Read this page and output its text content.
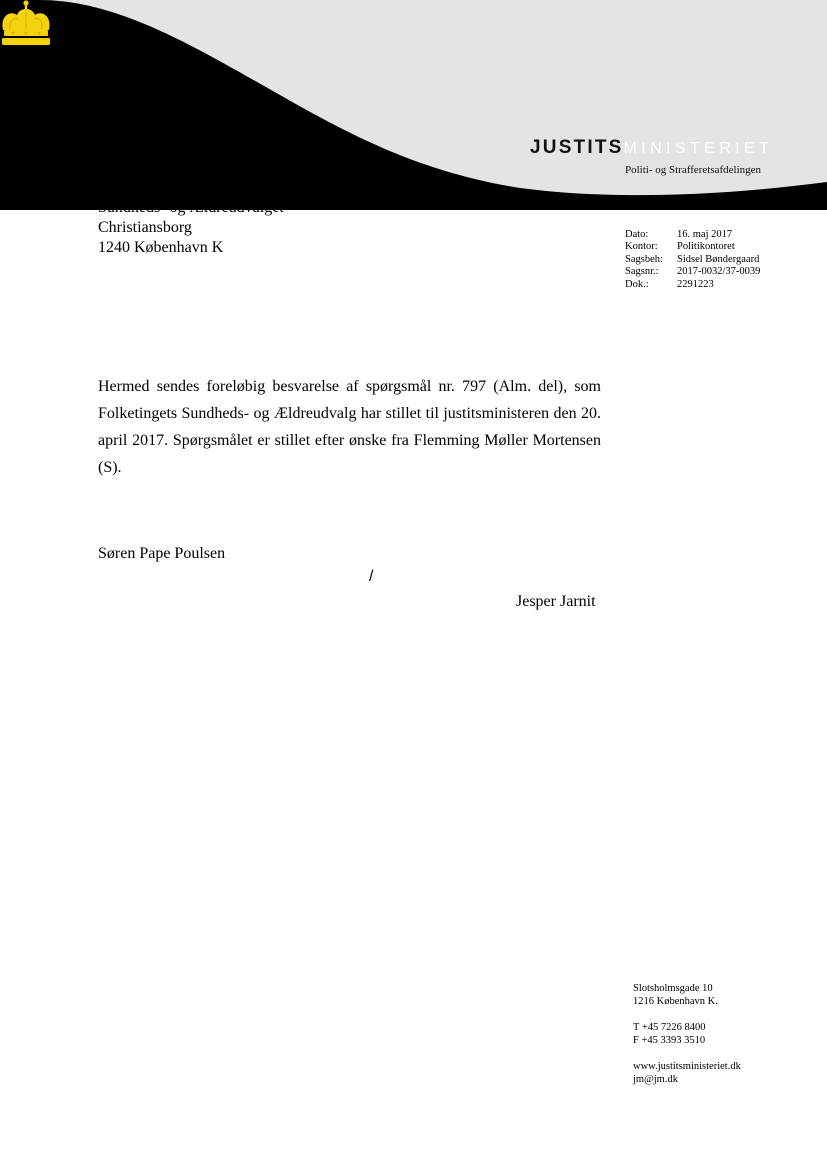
JUSTITSMINISTERIET
Politi- og Strafferetsafdelingen
Sundheds- og Ældreudvalget
Christiansborg
1240 København K
Dato:	16. maj 2017
Kontor:	Politikontoret
Sagsbeh:	Sidsel Bøndergaard
Sagsnr.:	2017-0032/37-0039
Dok.:	2291223

Hermed sendes foreløbig besvarelse af spørgsmål nr. 797 (Alm. del), som Folketingets Sundheds- og Ældreudvalg har stillet til justitsministeren den 20. april 2017. Spørgsmålet er stillet efter ønske fra Flemming Møller Mortensen (S).

Søren Pape Poulsen
/
Jesper Jarnit
Slotsholmsgade 10
1216 København K.
T +45 7226 8400
F +45 3393 3510
www.justitsministeriet.dk
jm@jm.dk
